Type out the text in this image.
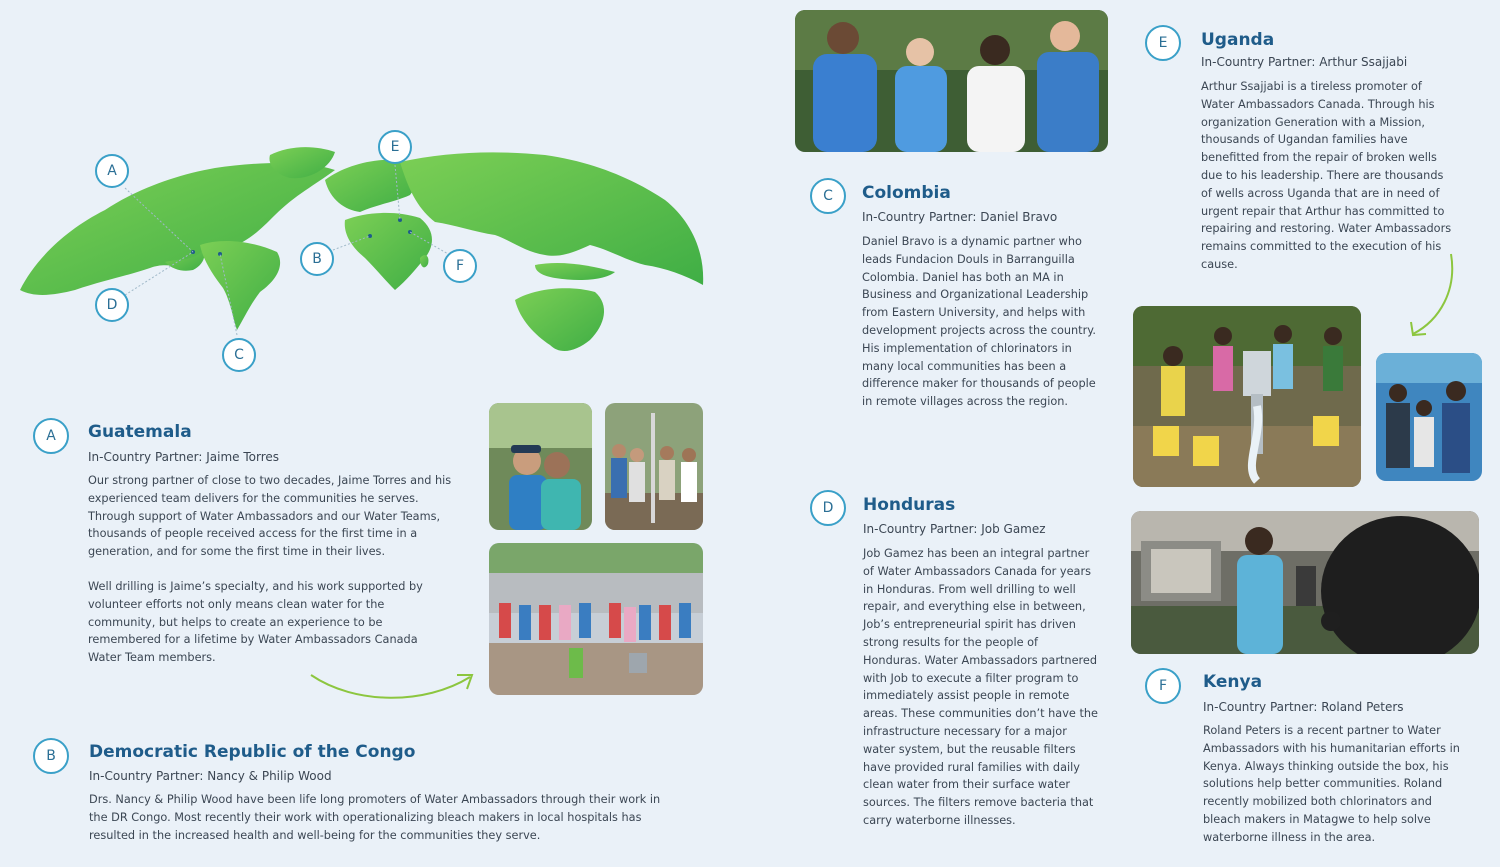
A
E
B	F
D
C
A	Guatemala

In-Country Partner: Jaime Torres

Our strong partner of close to two decades, Jaime Torres and his experienced team delivers for the communities he serves. Through support of Water Ambassadors and our Water Teams, thousands of people received access for the first time in a generation, and for some the first time in their lives.

Well drilling is Jaime’s specialty, and his work supported by volunteer efforts not only means clean water for the community, but helps to create an experience to be remembered for a lifetime by Water Ambassadors Canada Water Team members.

B	Democratic Republic of the Congo

In-Country Partner: Nancy & Philip Wood

Drs. Nancy & Philip Wood have been life long promoters of Water Ambassadors through their work in the DR Congo. Most recently their work with operationalizing bleach makers in local hospitals has resulted in the increased health and well-being for the communities they serve.

C	Colombia

In-Country Partner: Daniel Bravo

Daniel Bravo is a dynamic partner who leads Fundacion Douls in Barranguilla Colombia. Daniel has both an MA in Business and Organizational Leadership from Eastern University, and helps with development projects across the country. His implementation of chlorinators in many local communities has been a difference maker for thousands of people in remote villages across the region.

D	Honduras

In-Country Partner: Job Gamez

Job Gamez has been an integral partner of Water Ambassadors Canada for years in Honduras. From well drilling to well repair, and everything else in between, Job’s entrepreneurial spirit has driven strong results for the people of Honduras. Water Ambassadors partnered with Job to execute a filter program to immediately assist people in remote areas. These communities don’t have the infrastructure necessary for a major water system, but the reusable filters have provided rural families with daily clean water from their surface water sources. The filters remove bacteria that carry waterborne illnesses.

E	Uganda

In-Country Partner: Arthur Ssajjabi

Arthur Ssajjabi is a tireless promoter of Water Ambassadors Canada. Through his organization Generation with a Mission, thousands of Ugandan families have benefitted from the repair of broken wells due to his leadership. There are thousands of wells across Uganda that are in need of urgent repair that Arthur has committed to repairing and restoring. Water Ambassadors remains committed to the execution of his cause.

F	Kenya

In-Country Partner: Roland Peters

Roland Peters is a recent partner to Water Ambassadors with his humanitarian efforts in Kenya. Always thinking outside the box, his solutions help better communities. Roland recently mobilized both chlorinators and bleach makers in Matagwe to help solve waterborne illness in the area.
